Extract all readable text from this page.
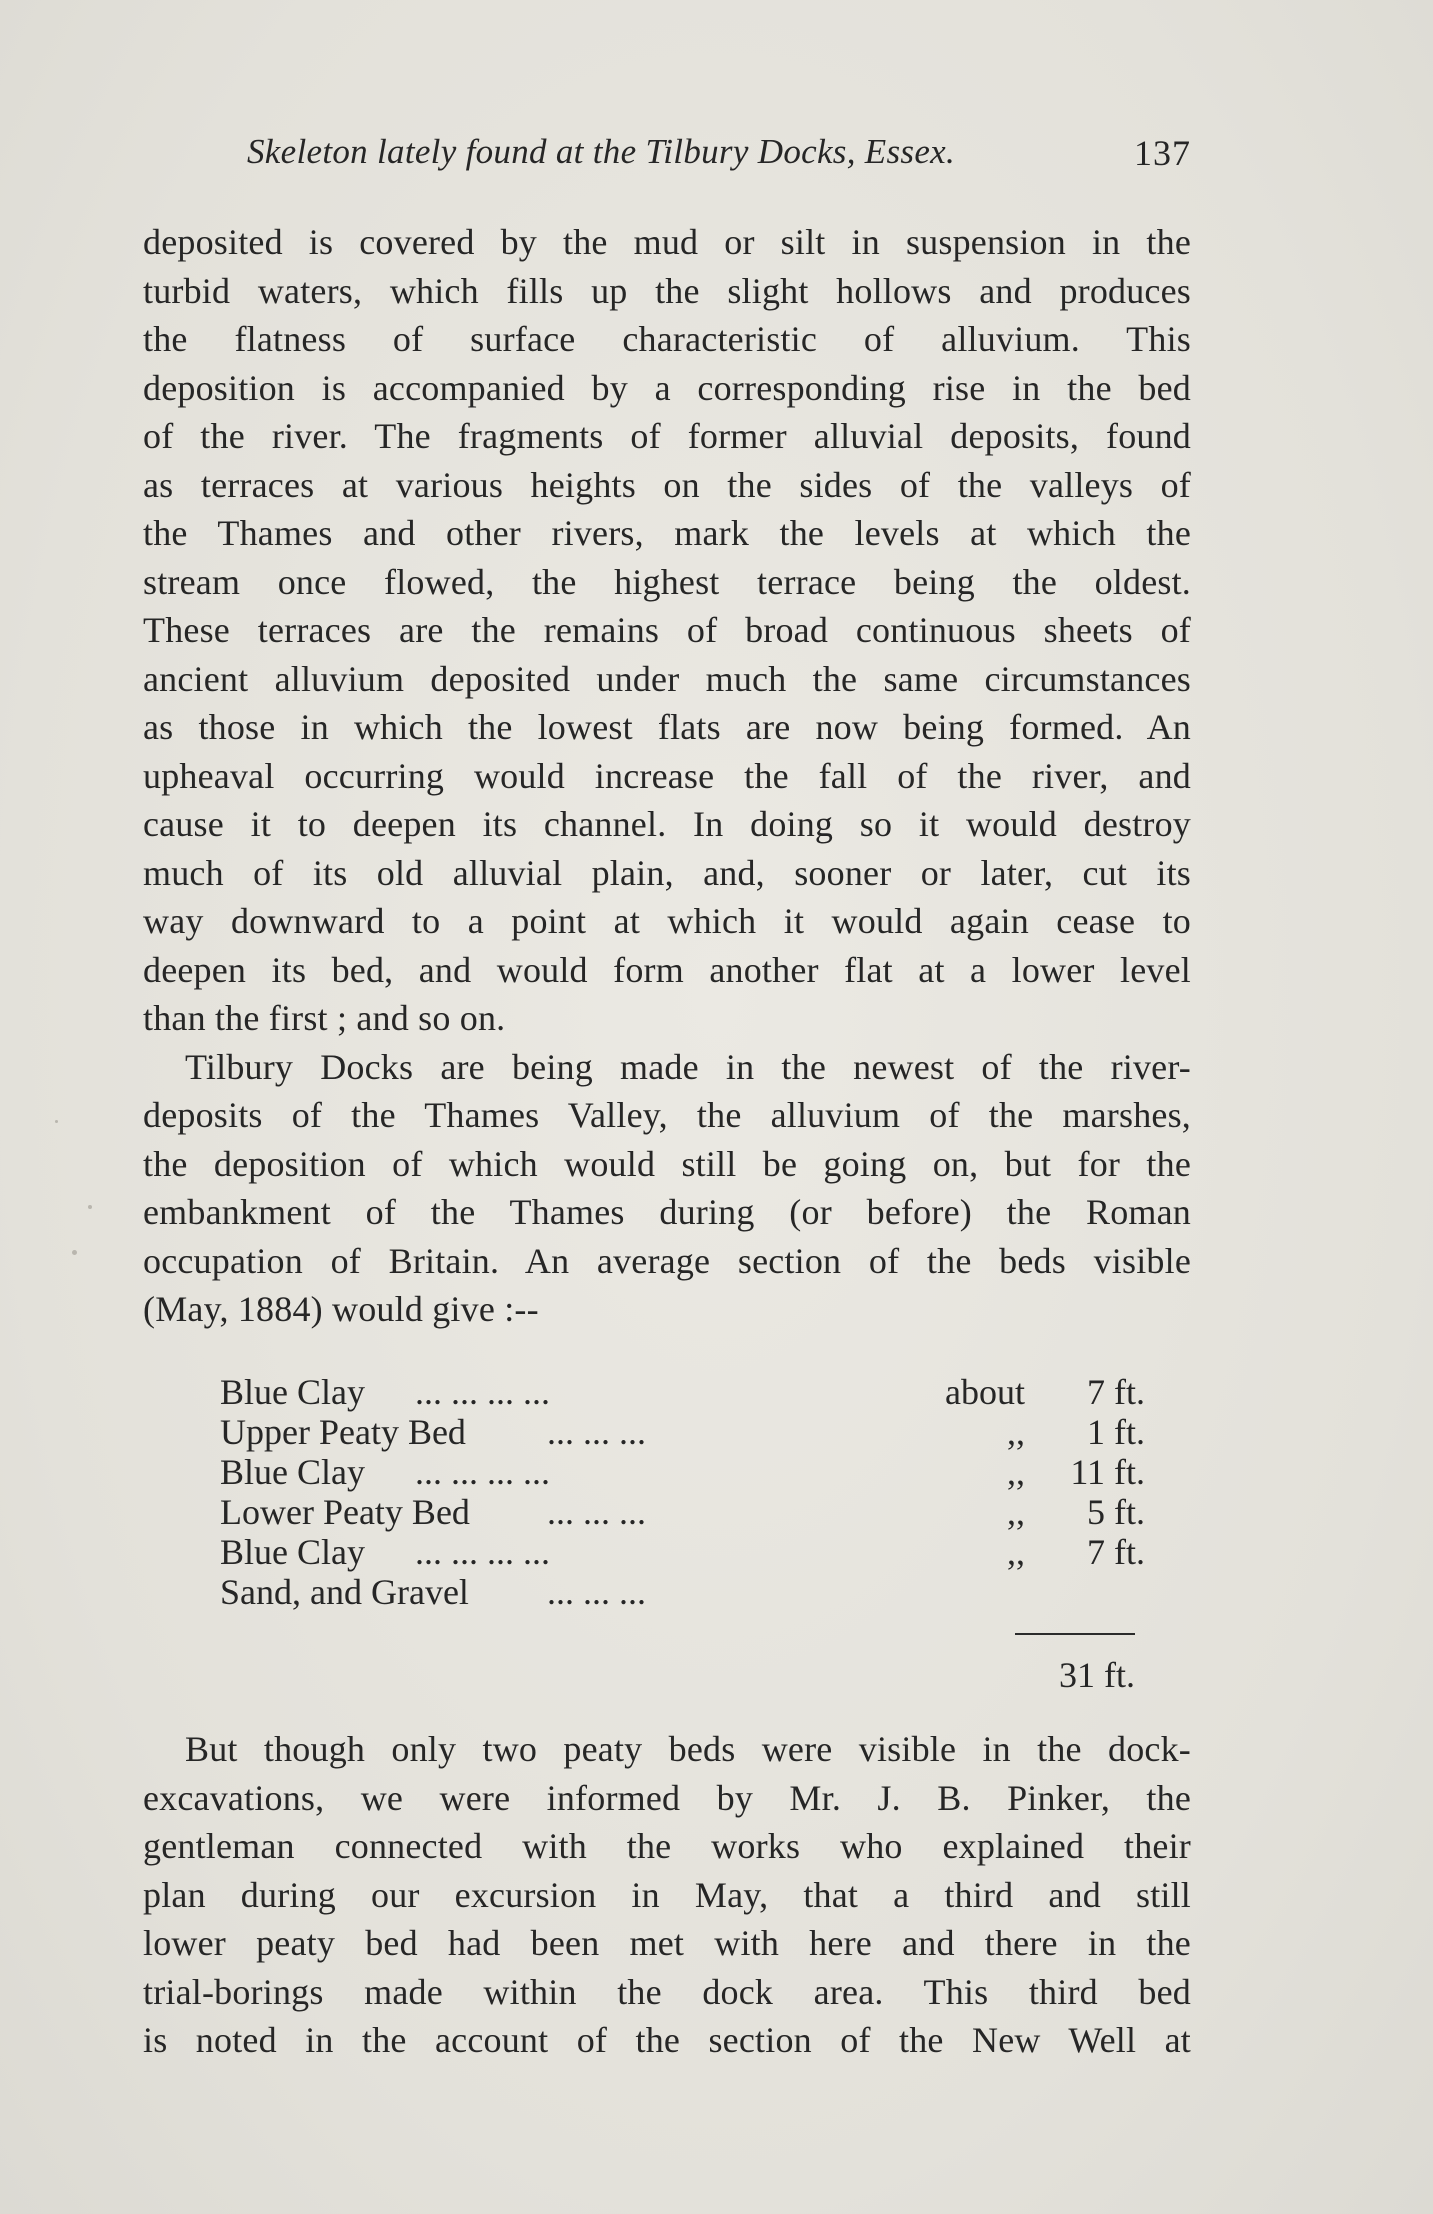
Skeleton lately found at the Tilbury Docks, Essex.	137
deposited is covered by the mud or silt in suspension in the
turbid waters, which fills up the slight hollows and produces
the flatness of surface characteristic of alluvium. This
deposition is accompanied by a corresponding rise in the bed
of the river. The fragments of former alluvial deposits, found
as terraces at various heights on the sides of the valleys of
the Thames and other rivers, mark the levels at which the
stream once flowed, the highest terrace being the oldest.
These terraces are the remains of broad continuous sheets of
ancient alluvium deposited under much the same circumstances
as those in which the lowest flats are now being formed. An
upheaval occurring would increase the fall of the river, and
cause it to deepen its channel. In doing so it would destroy
much of its old alluvial plain, and, sooner or later, cut its
way downward to a point at which it would again cease to
deepen its bed, and would form another flat at a lower level
than the first ; and so on.
Tilbury Docks are being made in the newest of the river-
deposits of the Thames Valley, the alluvium of the marshes,
the deposition of which would still be going on, but for the
embankment of the Thames during (or before) the Roman
occupation of Britain. An average section of the beds visible
(May, 1884) would give :--
Blue Clay ... ... ... ...	about	7 ft.
Upper Peaty Bed ... ... ...	,,	1 ft.
Blue Clay ... ... ... ...	,,	11 ft.
Lower Peaty Bed ... ... ...	,,	5 ft.
Blue Clay ... ... ... ...	,,	7 ft.
Sand, and Gravel ... ... ...
31 ft.
But though only two peaty beds were visible in the dock-
excavations, we were informed by Mr. J. B. Pinker, the
gentleman connected with the works who explained their
plan during our excursion in May, that a third and still
lower peaty bed had been met with here and there in the
trial-borings made within the dock area. This third bed
is noted in the account of the section of the New Well at
